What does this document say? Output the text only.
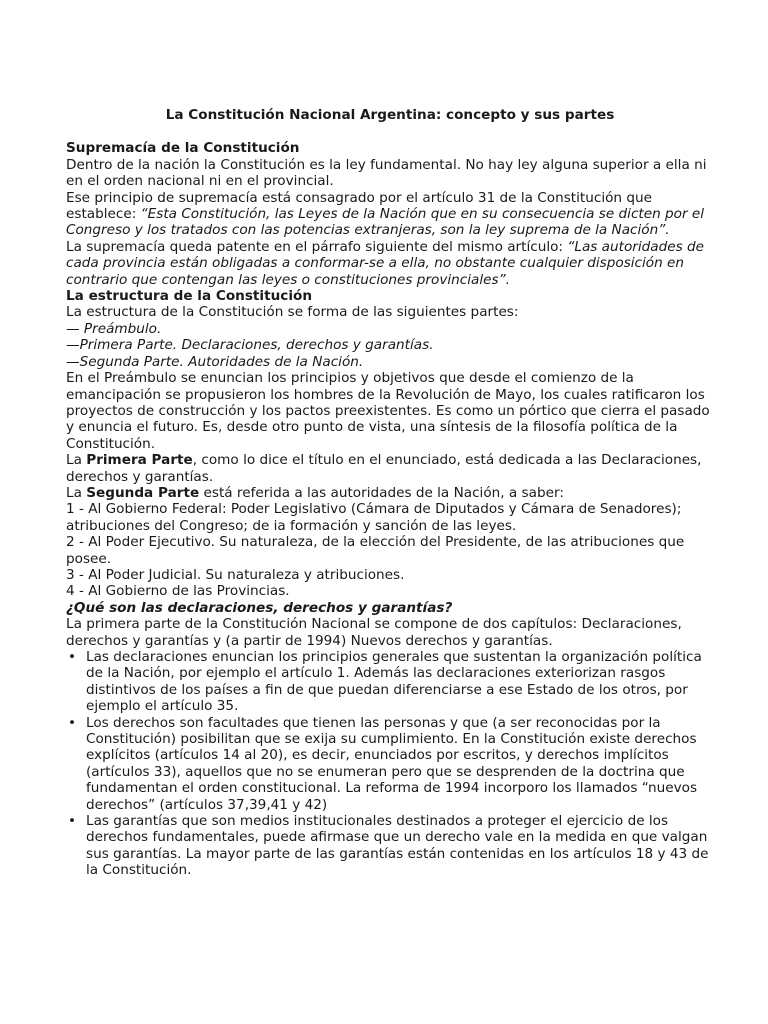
La Constitución Nacional Argentina: concepto y sus partes

Supremacía de la Constitución

Dentro de la nación la Constitución es la ley fundamental. No hay ley alguna superior a ella ni en el orden nacional ni en el provincial.

Ese principio de supremacía está consagrado por el artículo 31 de la Constitución que establece: “Esta Constitución, las Leyes de la Nación que en su consecuencia se dicten por el Congreso y los tratados con las potencias extranjeras, son la ley suprema de la Nación”.

La supremacía queda patente en el párrafo siguiente del mismo artículo: “Las autoridades de cada provincia están obligadas a conformar-se a ella, no obstante cualquier disposición en contrario que contengan las leyes o constituciones provinciales”.

La estructura de la Constitución

La estructura de la Constitución se forma de las siguientes partes:

— Preámbulo.

—Primera Parte. Declaraciones, derechos y garantías.

—Segunda Parte. Autoridades de la Nación.

En el Preámbulo se enuncian los principios y objetivos que desde el comienzo de la emancipación se propusieron los hombres de la Revolución de Mayo, los cuales ratificaron los proyectos de construcción y los pactos preexistentes. Es como un pórtico que cierra el pasado y enuncia el futuro. Es, desde otro punto de vista, una síntesis de la filosofía política de la Constitución.

La Primera Parte, como lo dice el título en el enunciado, está dedicada a las Declaraciones, derechos y garantías.

La Segunda Parte está referida a las autoridades de la Nación, a saber:

1 - Al Gobierno Federal: Poder Legislativo (Cámara de Diputados y Cámara de Senadores); atribuciones del Congreso; de ia formación y sanción de las leyes.

2 - Al Poder Ejecutivo. Su naturaleza, de la elección del Presidente, de las atribuciones que posee.

3 - Al Poder Judicial. Su naturaleza y atribuciones.

4 - Al Gobierno de las Provincias.

¿Qué son las declaraciones, derechos y garantías?

La primera parte de la Constitución Nacional se compone de dos capítulos: Declaraciones, derechos y garantías y (a partir de 1994) Nuevos derechos y garantías.

• Las declaraciones enuncian los principios generales que sustentan la organización política de la Nación, por ejemplo el artículo 1. Además las declaraciones exteriorizan rasgos distintivos de los países a fin de que puedan diferenciarse a ese Estado de los otros, por ejemplo el artículo 35.
• Los derechos son facultades que tienen las personas y que (a ser reconocidas por la Constitución) posibilitan que se exija su cumplimiento. En la Constitución existe derechos explícitos (artículos 14 al 20), es decir, enunciados por escritos, y derechos implícitos (artículos 33), aquellos que no se enumeran pero que se desprenden de la doctrina que fundamentan el orden constitucional. La reforma de 1994 incorporo los llamados “nuevos derechos” (artículos 37,39,41 y 42)
• Las garantías que son medios institucionales destinados a proteger el ejercicio de los derechos fundamentales, puede afirmase que un derecho vale en la medida en que valgan sus garantías. La mayor parte de las garantías están contenidas en los artículos 18 y 43 de la Constitución.
